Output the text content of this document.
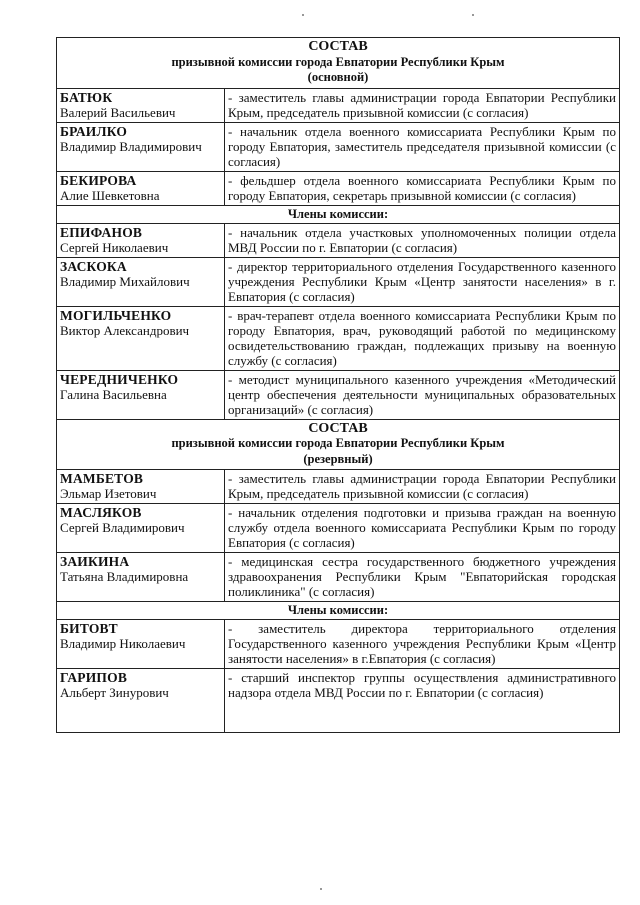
СОСТАВ
призывной комиссии города Евпатории Республики Крым
(основной)	

БАТЮК
Валерий Васильевич	- заместитель главы администрации города Евпатории Республики Крым, председатель призывной комиссии (с согласия)

БРАИЛКО
Владимир Владимирович	- начальник отдела военного комиссариата Республики Крым по городу Евпатория, заместитель председателя призывной комиссии (с согласия)

БЕКИРОВА
Алие Шевкетовна	- фельдшер отдела военного комиссариата Республики Крым по городу Евпатория, секретарь призывной комиссии (с согласия)
Члены комиссии:	

ЕПИФАНОВ
Сергей Николаевич	- начальник отдела участковых уполномоченных полиции отдела МВД России по г. Евпатории (с согласия)

ЗАСКОКА
Владимир Михайлович	- директор территориального отделения Государственного казенного учреждения Республики Крым «Центр занятости населения» в г. Евпатория (с согласия)

МОГИЛЬЧЕНКО
Виктор Александрович	- врач-терапевт отдела военного комиссариата Республики Крым по городу Евпатория, врач, руководящий работой по медицинскому освидетельствованию граждан, подлежащих призыву на военную службу (с согласия)

ЧЕРЕДНИЧЕНКО
Галина Васильевна	- методист муниципального казенного учреждения «Методический центр обеспечения деятельности муниципальных образовательных организаций» (с согласия)

СОСТАВ
призывной комиссии города Евпатории Республики Крым
(резервный)	

МАМБЕТОВ
Эльмар Изетович	- заместитель главы администрации города Евпатории Республики Крым, председатель призывной комиссии (с согласия)

МАСЛЯКОВ
Сергей Владимирович	- начальник отделения подготовки и призыва граждан на военную службу отдела военного комиссариата Республики Крым по городу Евпатория (с согласия)

ЗАИКИНА
Татьяна Владимировна	- медицинская сестра государственного бюджетного учреждения здравоохранения Республики Крым "Евпаторийская городская поликлиника" (с согласия)
Члены комиссии:	

БИТОВТ
Владимир Николаевич	- заместитель директора территориального отделения Государственного казенного учреждения Республики Крым «Центр занятости населения» в г.Евпатория (с согласия)

ГАРИПОВ
Альберт Зинурович	- старший инспектор группы осуществления административного надзора отдела МВД России по г. Евпатории (с согласия)
